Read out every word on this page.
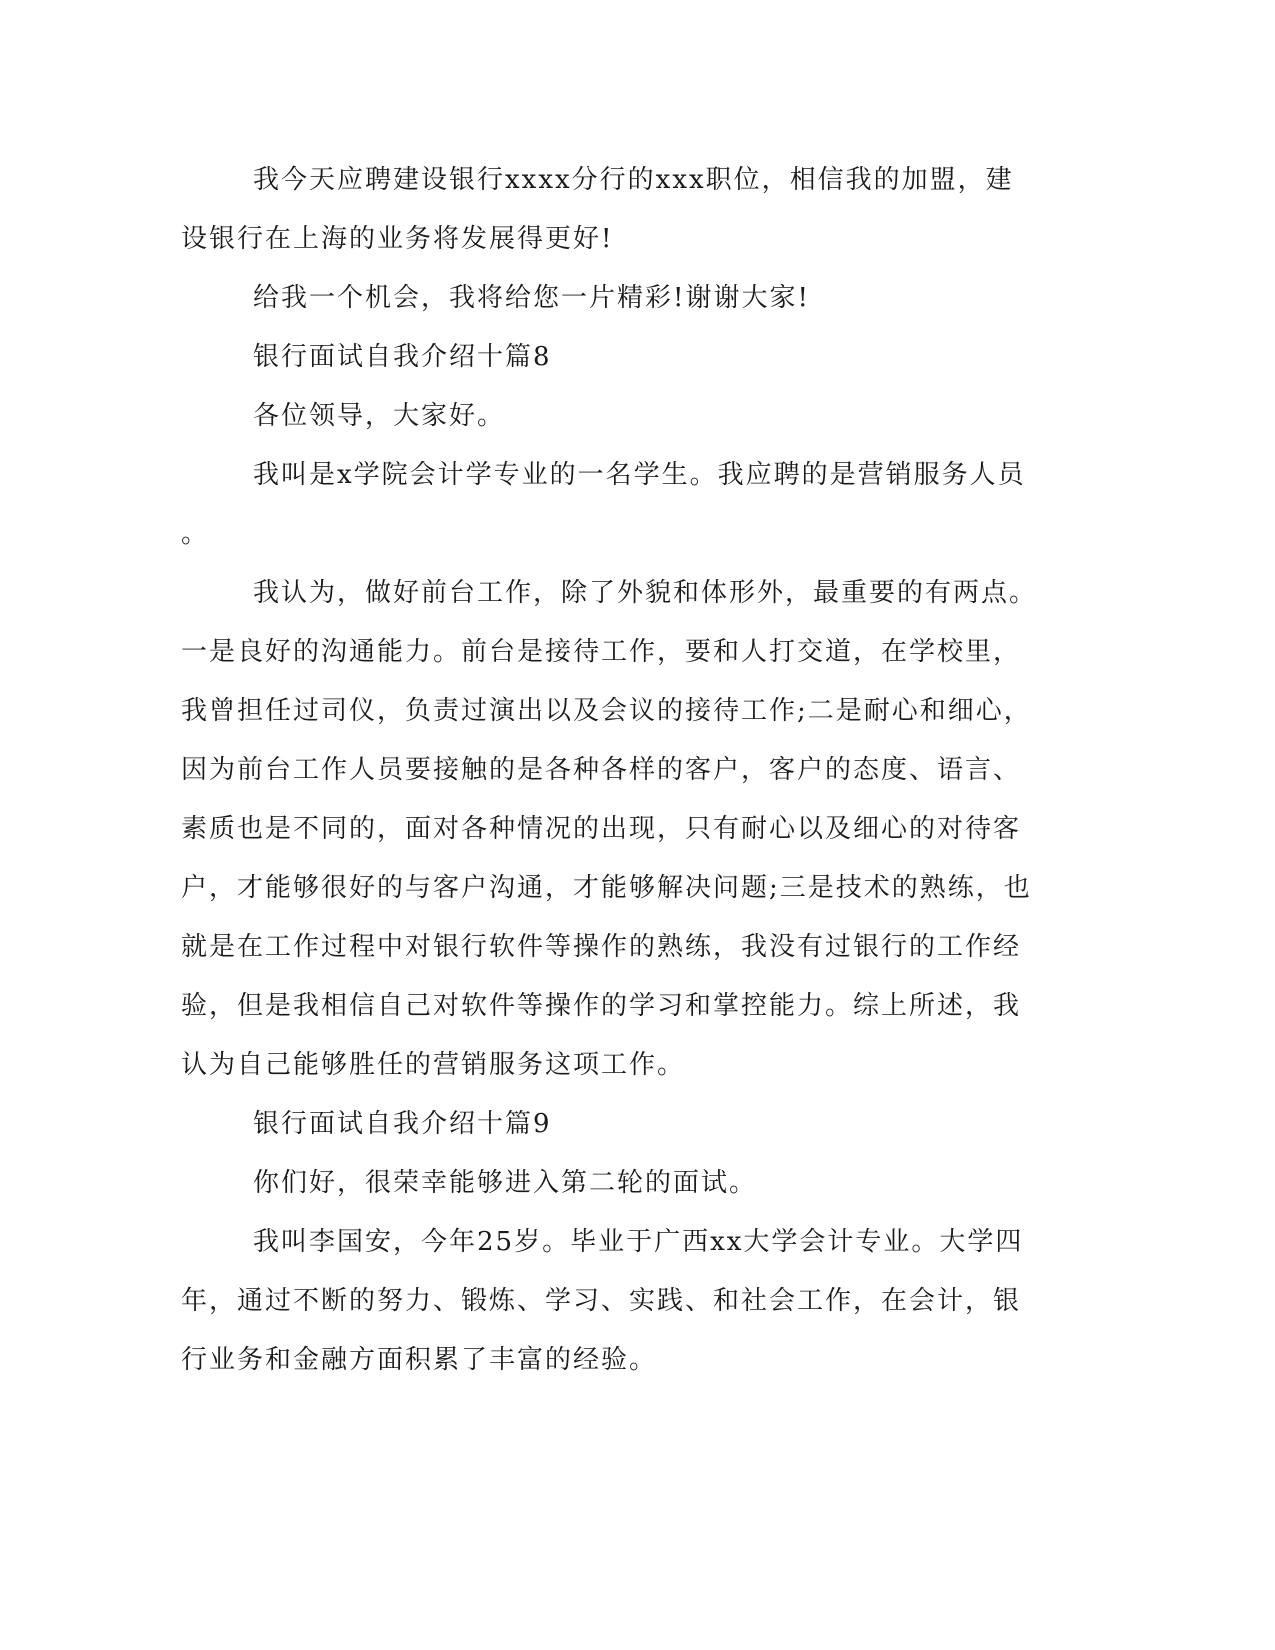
我今天应聘建设银行xxxx分行的xxx职位，相信我的加盟，建
设银行在上海的业务将发展得更好!
给我一个机会，我将给您一片精彩!谢谢大家!
银行面试自我介绍十篇8
各位领导，大家好。
我叫是x学院会计学专业的一名学生。我应聘的是营销服务人员
。
我认为，做好前台工作，除了外貌和体形外，最重要的有两点。
一是良好的沟通能力。前台是接待工作，要和人打交道，在学校里，
我曾担任过司仪，负责过演出以及会议的接待工作;二是耐心和细心，
因为前台工作人员要接触的是各种各样的客户，客户的态度、语言、
素质也是不同的，面对各种情况的出现，只有耐心以及细心的对待客
户，才能够很好的与客户沟通，才能够解决问题;三是技术的熟练，也
就是在工作过程中对银行软件等操作的熟练，我没有过银行的工作经
验，但是我相信自己对软件等操作的学习和掌控能力。综上所述，我
认为自己能够胜任的营销服务这项工作。
银行面试自我介绍十篇9
你们好，很荣幸能够进入第二轮的面试。
我叫李国安，今年25岁。毕业于广西xx大学会计专业。大学四
年，通过不断的努力、锻炼、学习、实践、和社会工作，在会计，银
行业务和金融方面积累了丰富的经验。
